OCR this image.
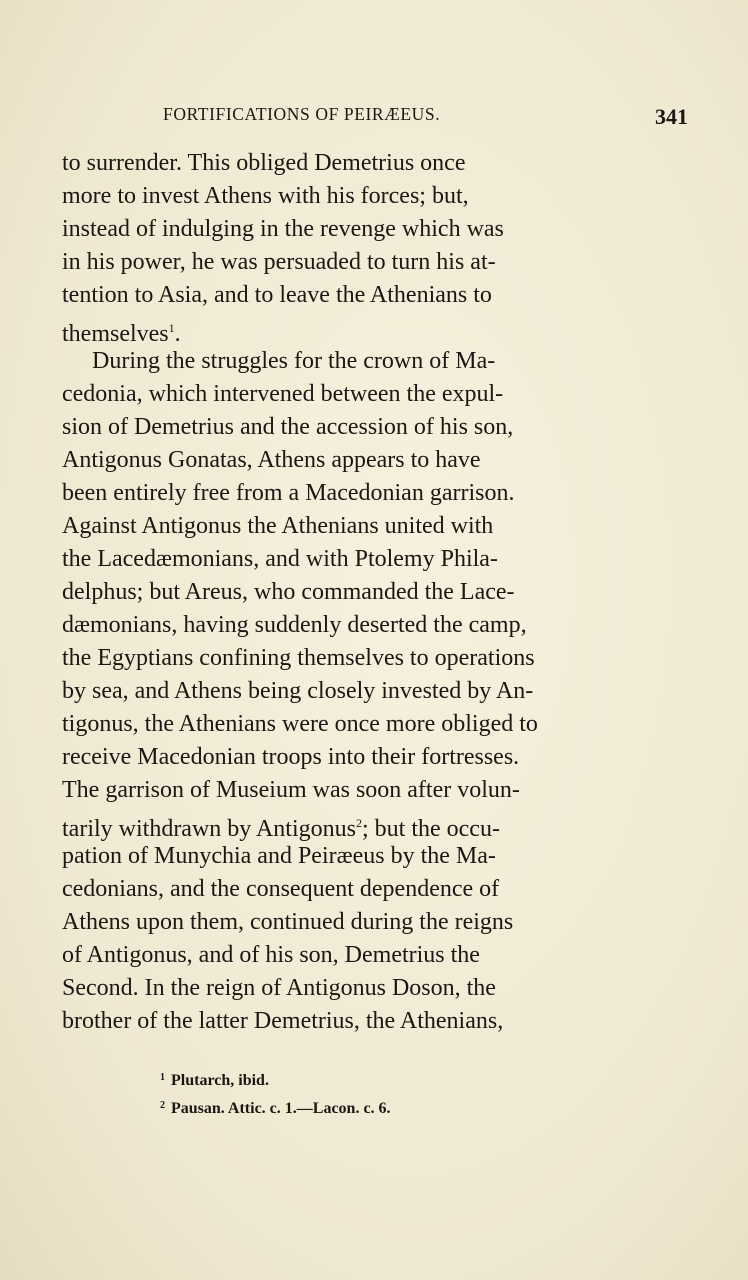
FORTIFICATIONS OF PEIRÆEUS.	341
to surrender. This obliged Demetrius once
more to invest Athens with his forces; but,
instead of indulging in the revenge which was
in his power, he was persuaded to turn his at-
tention to Asia, and to leave the Athenians to
themselves$^1$.
During the struggles for the crown of Ma-
cedonia, which intervened between the expul-
sion of Demetrius and the accession of his son,
Antigonus Gonatas, Athens appears to have
been entirely free from a Macedonian garrison.
Against Antigonus the Athenians united with
the Lacedæmonians, and with Ptolemy Phila-
delphus; but Areus, who commanded the Lace-
dæmonians, having suddenly deserted the camp,
the Egyptians confining themselves to operations
by sea, and Athens being closely invested by An-
tigonus, the Athenians were once more obliged to
receive Macedonian troops into their fortresses.
The garrison of Museium was soon after volun-
tarily withdrawn by Antigonus$^2$; but the occu-
pation of Munychia and Peiræeus by the Ma-
cedonians, and the consequent dependence of
Athens upon them, continued during the reigns
of Antigonus, and of his son, Demetrius the
Second. In the reign of Antigonus Doson, the
brother of the latter Demetrius, the Athenians,
$^1$ Plutarch, ibid.
$^2$ Pausan. Attic. c. 1.—Lacon. c. 6.
